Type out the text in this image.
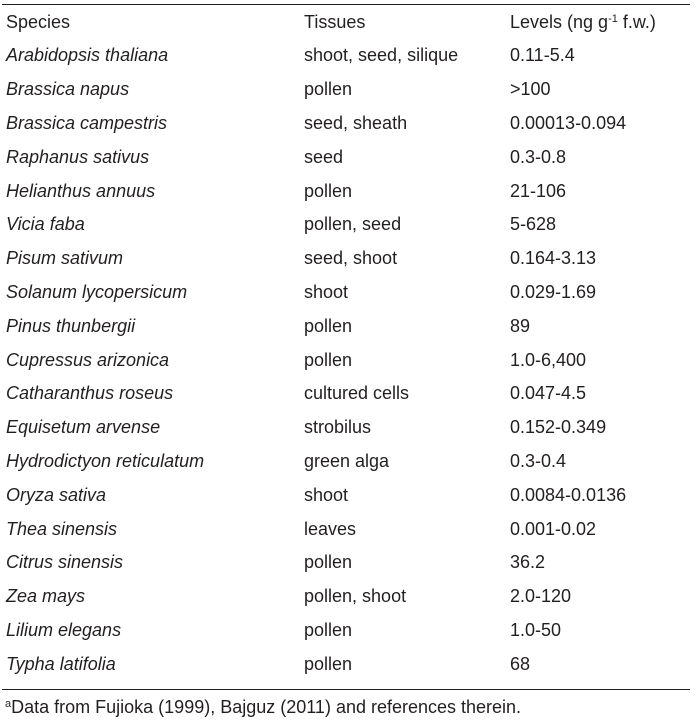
Species	Tissues	Levels (ng $g^{-1}$ f.w.)
Arabidopsis thaliana	shoot, seed, silique	0.11-5.4
Brassica napus	pollen	>100
Brassica campestris	seed, sheath	0.00013-0.094
Raphanus sativus	seed	0.3-0.8
Helianthus annuus	pollen	21-106
Vicia faba	pollen, seed	5-628
Pisum sativum	seed, shoot	0.164-3.13
Solanum lycopersicum	shoot	0.029-1.69
Pinus thunbergii	pollen	89
Cupressus arizonica	pollen	1.0-6,400
Catharanthus roseus	cultured cells	0.047-4.5
Equisetum arvense	strobilus	0.152-0.349
Hydrodictyon reticulatum	green alga	0.3-0.4
Oryza sativa	shoot	0.0084-0.0136
Thea sinensis	leaves	0.001-0.02
Citrus sinensis	pollen	36.2
Zea mays	pollen, shoot	2.0-120
Lilium elegans	pollen	1.0-50
Typha latifolia	pollen	68
$^a$Data from Fujioka (1999), Bajguz (2011) and references therein.
